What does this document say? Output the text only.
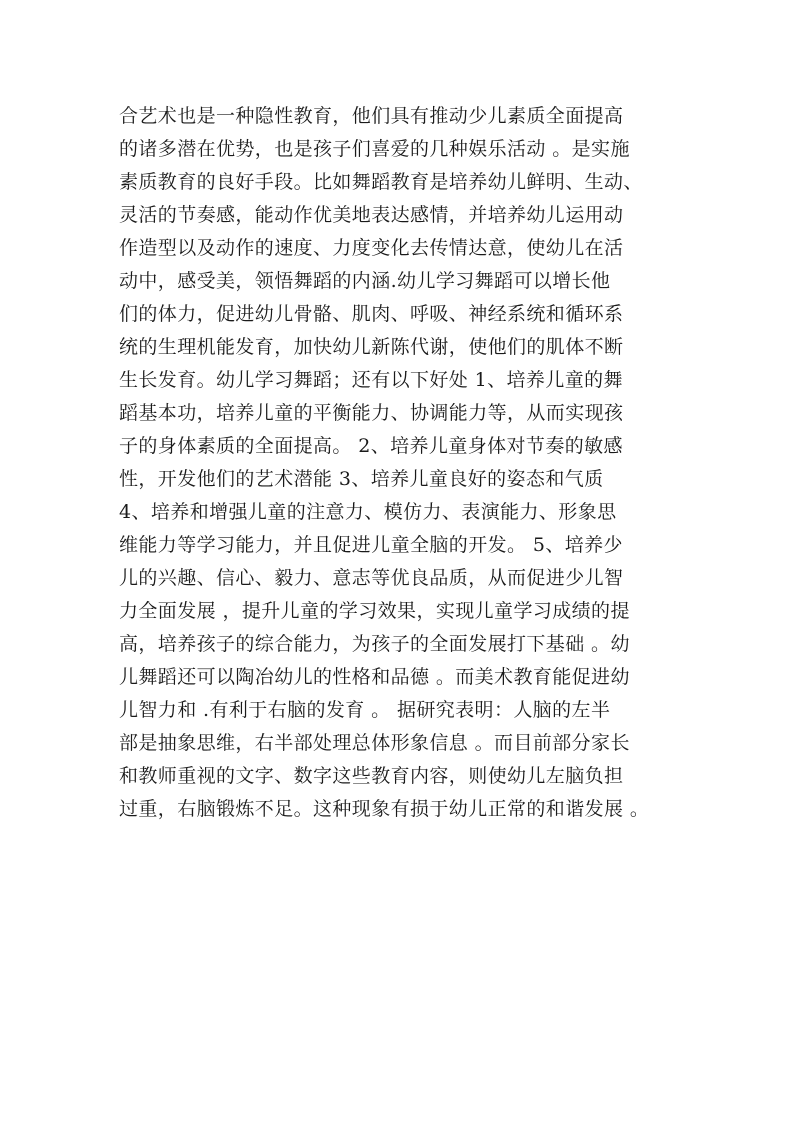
合艺术也是一种隐性教育，他们具有推动少儿素质全面提高
的诸多潜在优势，也是孩子们喜爱的几种娱乐活动 。是实施
素质教育的良好手段。比如舞蹈教育是培养幼儿鲜明、生动、
灵活的节奏感，能动作优美地表达感情，并培养幼儿运用动
作造型以及动作的速度、力度变化去传情达意，使幼儿在活
动中，感受美，领悟舞蹈的内涵.幼儿学习舞蹈可以增长他
们的体力，促进幼儿骨骼、肌肉、呼吸、神经系统和循环系
统的生理机能发育，加快幼儿新陈代谢，使他们的肌体不断
生长发育。幼儿学习舞蹈；还有以下好处 1、培养儿童的舞
蹈基本功，培养儿童的平衡能力、协调能力等，从而实现孩
子的身体素质的全面提高。 2、培养儿童身体对节奏的敏感
性，开发他们的艺术潜能 3、培养儿童良好的姿态和气质
4、培养和增强儿童的注意力、模仿力、表演能力、形象思
维能力等学习能力，并且促进儿童全脑的开发。 5、培养少
儿的兴趣、信心、毅力、意志等优良品质，从而促进少儿智
力全面发展 ，提升儿童的学习效果，实现儿童学习成绩的提
高，培养孩子的综合能力，为孩子的全面发展打下基础 。幼
儿舞蹈还可以陶冶幼儿的性格和品德 。而美术教育能促进幼
儿智力和 .有利于右脑的发育 。 据研究表明：人脑的左半
部是抽象思维，右半部处理总体形象信息 。而目前部分家长
和教师重视的文字、数字这些教育内容，则使幼儿左脑负担
过重，右脑锻炼不足。这种现象有损于幼儿正常的和谐发展 。
